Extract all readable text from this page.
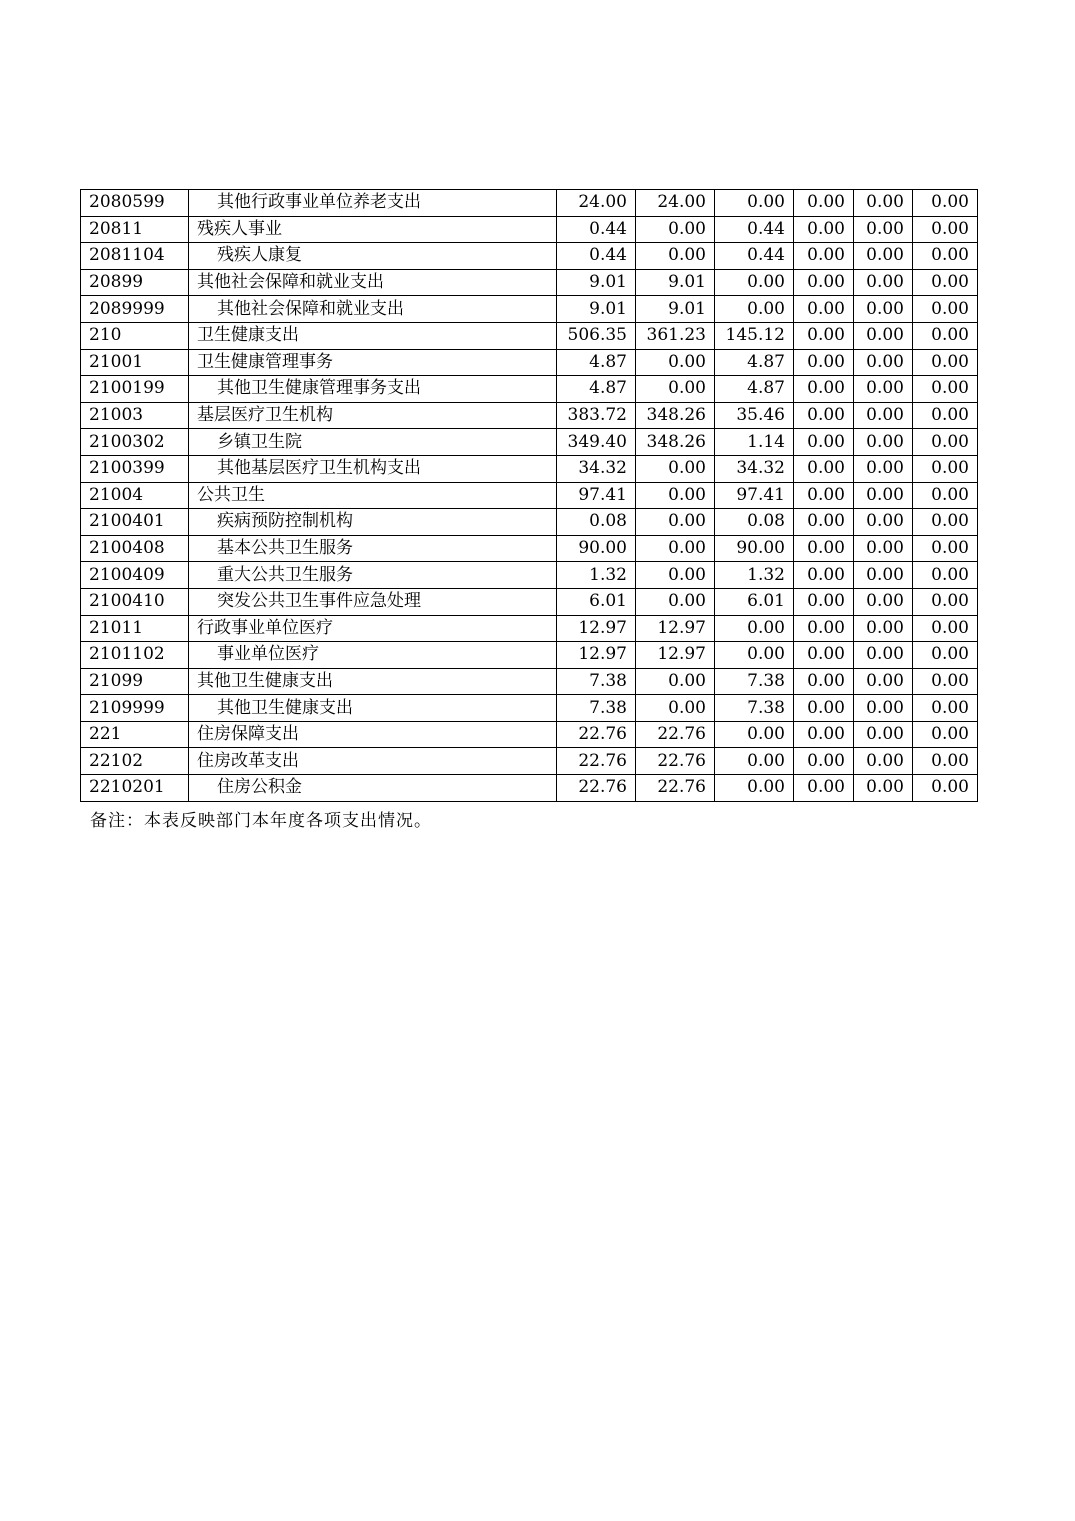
2080599	其他行政事业单位养老支出	24.00	24.00	0.00	0.00	0.00	0.00
20811	残疾人事业	0.44	0.00	0.44	0.00	0.00	0.00
2081104	残疾人康复	0.44	0.00	0.44	0.00	0.00	0.00
20899	其他社会保障和就业支出	9.01	9.01	0.00	0.00	0.00	0.00
2089999	其他社会保障和就业支出	9.01	9.01	0.00	0.00	0.00	0.00
210	卫生健康支出	506.35	361.23	145.12	0.00	0.00	0.00
21001	卫生健康管理事务	4.87	0.00	4.87	0.00	0.00	0.00
2100199	其他卫生健康管理事务支出	4.87	0.00	4.87	0.00	0.00	0.00
21003	基层医疗卫生机构	383.72	348.26	35.46	0.00	0.00	0.00
2100302	乡镇卫生院	349.40	348.26	1.14	0.00	0.00	0.00
2100399	其他基层医疗卫生机构支出	34.32	0.00	34.32	0.00	0.00	0.00
21004	公共卫生	97.41	0.00	97.41	0.00	0.00	0.00
2100401	疾病预防控制机构	0.08	0.00	0.08	0.00	0.00	0.00
2100408	基本公共卫生服务	90.00	0.00	90.00	0.00	0.00	0.00
2100409	重大公共卫生服务	1.32	0.00	1.32	0.00	0.00	0.00
2100410	突发公共卫生事件应急处理	6.01	0.00	6.01	0.00	0.00	0.00
21011	行政事业单位医疗	12.97	12.97	0.00	0.00	0.00	0.00
2101102	事业单位医疗	12.97	12.97	0.00	0.00	0.00	0.00
21099	其他卫生健康支出	7.38	0.00	7.38	0.00	0.00	0.00
2109999	其他卫生健康支出	7.38	0.00	7.38	0.00	0.00	0.00
221	住房保障支出	22.76	22.76	0.00	0.00	0.00	0.00
22102	住房改革支出	22.76	22.76	0.00	0.00	0.00	0.00
2210201	住房公积金	22.76	22.76	0.00	0.00	0.00	0.00
备注：本表反映部门本年度各项支出情况。
